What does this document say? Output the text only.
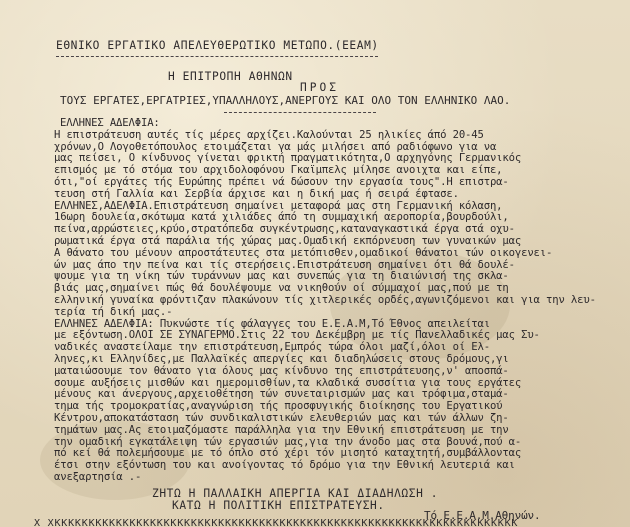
ΕΘΝΙΚΟ ΕΡΓΑΤΙΚΟ ΑΠΕΛΕΥΘΕΡΩΤΙΚΟ ΜΕΤΩΠΟ.(ΕΕΑΜ)
Η ΕΠΙΤΡΟΠΗ ΑΘΗΝΩΝ
ΠΡΟΣ
ΤΟΥΣ ΕΡΓΑΤΕΣ,ΕΡΓΑΤΡΙΕΣ,ΥΠΑΛΛΗΛΟΥΣ,ΑΝΕΡΓΟΥΣ ΚΑΙ ΟΛΟ ΤΟΝ ΕΛΛΗΝΙΚΟ ΛΑΟ.
ΕΛΛΗΝΕΣ ΑΔΕΛΦΙΑ:
Η επιστράτευση αυτές τίς μέρες αρχίζει.Καλούνται 25 ηλικίες άπό 20-45
χρόνων,Ο Λογοθετόπουλος ετοιμάζεται γα μάς μιλήσει από ραδιόφωνο για να
μας πείσει, Ο κίνδυνος γίνεται φρικτή πραγματικότητα,Ο αρχηγόνης Γερμανικός
επισμός με τό στόμα του αρχιδολοφόνου Γκαϊμπελς μίλησε ανοιχτα και είπε,
ότι,"οί εργάτες τής Ευρώπης πρέπει νά δώσουν την εργασία τους".Η επιστρα-
τευση στή Γαλλία και Σερβία άρχισε και η δική μας ή σειρά έφτασε.
ΕΛΛΗΝΕΣ,ΑΔΕΛΦΙΑ.Επιστράτευση σημαίνει μεταφορά μας στη Γερμανική κόλαση,
16ωρη δουλεία,σκότωμα κατά χιλιάδες άπό τη συμμαχική αεροπορία,βουρδούλι,
πείνα,αρρώστειες,κρύο,στρατόπεδα συγκέντρωσης,καταναγκαστικά έργα στά οχυ-
ρωματικά έργα στά παράλια τής χώρας μας.Ομαδική εκπόρνευση των γυναικών μας
Α θάνατο του μένουν απροστάτευτες στα μετόπισθεν,ομαδικοί θάνατοι τών οικογενει-
ών μας άπο την πείνα και τίς στερήσεις.Επιστράτευση σημαίνει ότι θά δουλέ-
ψουμε για τη νίκη τών τυράννων μας και συνεπώς για τη διαιώνισή της σκλα-
βιάς μας,σημαίνει πώς θά δουλέψουμε να νικηθούν οί σύμμαχοί μας,πού με τη
ελληνική γυναίκα φρόντιζαν πλακώνουν τίς χιτλερικές ορδές,αγωνιζόμενοι και για την λευ-
τερία τή δική μας.-
ΕΛΛΗΝΕΣ ΑΔΕΛΦΙΑ: Πυκνώστε τίς φάλαγγες του Ε.Ε.Α.Μ,Τό Έθνος απειλείται
με εξόντωση.ΟΛΟΙ ΣΕ ΣΥΝΑΓΕΡΜΟ.Στις 22 του Δεκέμβρη με τίς Πανελλαδικές μας Συ-
ναδικές αναστείλαμε την επιστράτευση,Εμπρός τώρα όλοι μαζί,όλοι οί Ελ-
ληνες,κι Ελληνίδες,με Παλλαϊκές απεργίες και διαδηλώσεις στους δρόμους,γι
ματαιώσουμε τον θάνατο για όλους μας κίνδυνο της επιστράτευσης,ν' αποσπά-
σουμε αυξήσεις μισθών και ημερομισθίων,τα κλαδικά συσσίτια για τους εργάτες
μένους και άνεργους,αρχειοθέτηση τών συνεταιρισμών μας και τρόφιμα,σταμά-
τημα τής τρομοκρατίας,αναγνώριση τής προσφυγικής διοίκησης του Εργατικού
Κέντρου,αποκατάσταση τών συνδικαλιστικών ελευθεριών μας και τών άλλων ζη-
τημάτων μας.Ας ετοιμαζόμαστε παράλληλα για την Εθνική επιστράτευση με την
την ομαδική εγκατάλειψη τών εργασιών μας,για την άνοδο μας στα βουνά,πού α-
πό κεί θά πολεμήσουμε με τό όπλο στό χέρι τόν μισητό καταχτητή,συμβάλλοντας
έτσι στην εξόντωση του και ανοίγοντας τό δρόμο για την Εθνική λευτεριά και
ανεξαρτησία .-
ΖΗΤΩ Η ΠΑΛΛΑΙΚΗ ΑΠΕΡΓΙΑ ΚΑΙ ΔΙΑΔΗΛΩΣΗ .
ΚΑΤΩ Η ΠΟΛΙΤΙΚΗ ΕΠΙΣΤΡΑΤΕΥΣΗ.
Τό Ε.Ε.Α.Μ.Αθηνών.
Χ ΧΚΚΚΚΚΚΚΚΚΚΚΚΚΚΚΚΚΚΚΚΚΚΚΚΚΚΚΚΚΚΚΚΚΚΚΚΚΚΚΚΚΚΚΚΚΚΚΚΚΚΚΚΚΚΚΚΚΚΚΚΚΚΚΚΚΚΚΚ
